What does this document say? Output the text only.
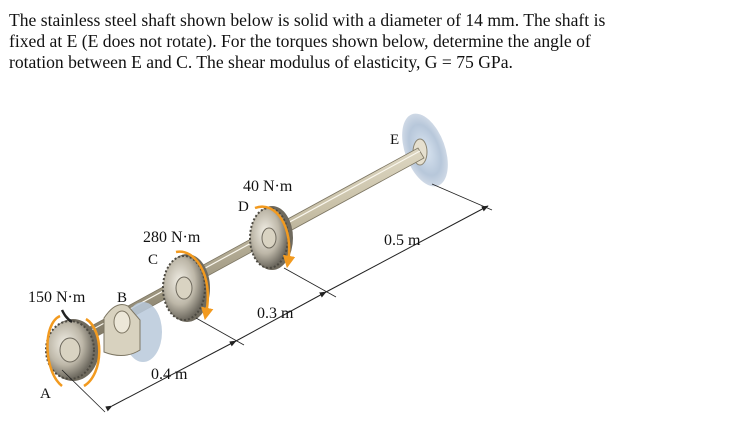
The stainless steel shaft shown below is solid with a diameter of 14 mm. The shaft is
fixed at E (E does not rotate). For the torques shown below, determine the angle of
rotation between E and C. The shear modulus of elasticity, G = 75 GPa.
A
B
C
D
E
150 N·m
280 N·m
40 N·m
0.4 m
0.3 m
0.5 m
